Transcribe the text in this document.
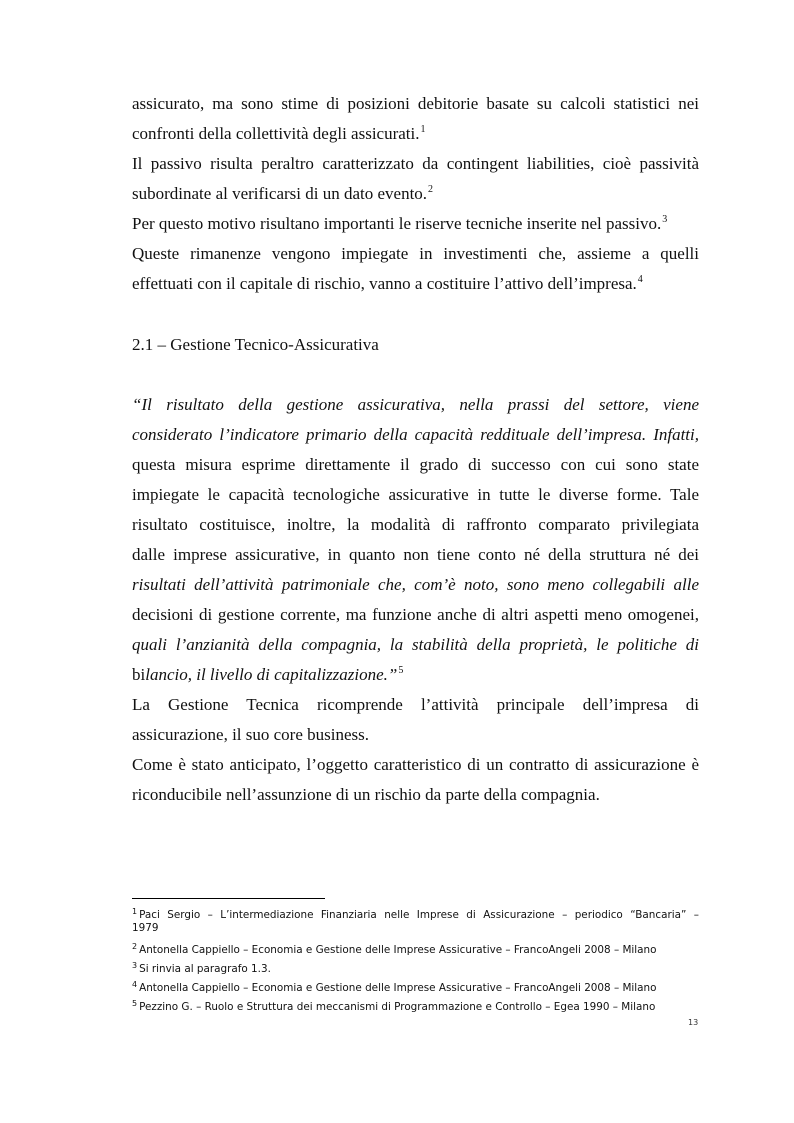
assicurato, ma sono stime di posizioni debitorie basate su calcoli statistici nei
confronti della collettività degli assicurati.$^1$
Il passivo risulta peraltro caratterizzato da contingent liabilities, cioè passività
subordinate al verificarsi di un dato evento.$^2$
Per questo motivo risultano importanti le riserve tecniche inserite nel passivo.$^3$
Queste rimanenze vengono impiegate in investimenti che, assieme a quelli
effettuati con il capitale di rischio, vanno a costituire l’attivo dell’impresa.$^4$
2.1 – Gestione Tecnico-Assicurativa
“Il risultato della gestione assicurativa, nella prassi del settore, viene
considerato l’indicatore primario della capacità reddituale dell’impresa. Infatti,
questa misura esprime direttamente il grado di successo con cui sono state
impiegate le capacità tecnologiche assicurative in tutte le diverse forme. Tale
risultato costituisce, inoltre, la modalità di raffronto comparato privilegiata
dalle imprese assicurative, in quanto non tiene conto né della struttura né dei
risultati dell’attività patrimoniale che, com’è noto, sono meno collegabili alle
decisioni di gestione corrente, ma funzione anche di altri aspetti meno omogenei,
quali l’anzianità della compagnia, la stabilità della proprietà, le politiche di
bilancio, il livello di capitalizzazione.”$^5$
La Gestione Tecnica ricomprende l’attività principale dell’impresa di
assicurazione, il suo core business.
Come è stato anticipato, l’oggetto caratteristico di un contratto di assicurazione è
riconducibile nell’assunzione di un rischio da parte della compagnia.
$^1$ Paci Sergio – L’intermediazione Finanziaria nelle Imprese di Assicurazione – periodico “Bancaria” –
1979
$^2$ Antonella Cappiello – Economia e Gestione delle Imprese Assicurative – FrancoAngeli 2008 – Milano
$^3$ Si rinvia al paragrafo 1.3.
$^4$ Antonella Cappiello – Economia e Gestione delle Imprese Assicurative – FrancoAngeli 2008 – Milano
$^5$ Pezzino G. – Ruolo e Struttura dei meccanismi di Programmazione e Controllo – Egea 1990 – Milano
13
